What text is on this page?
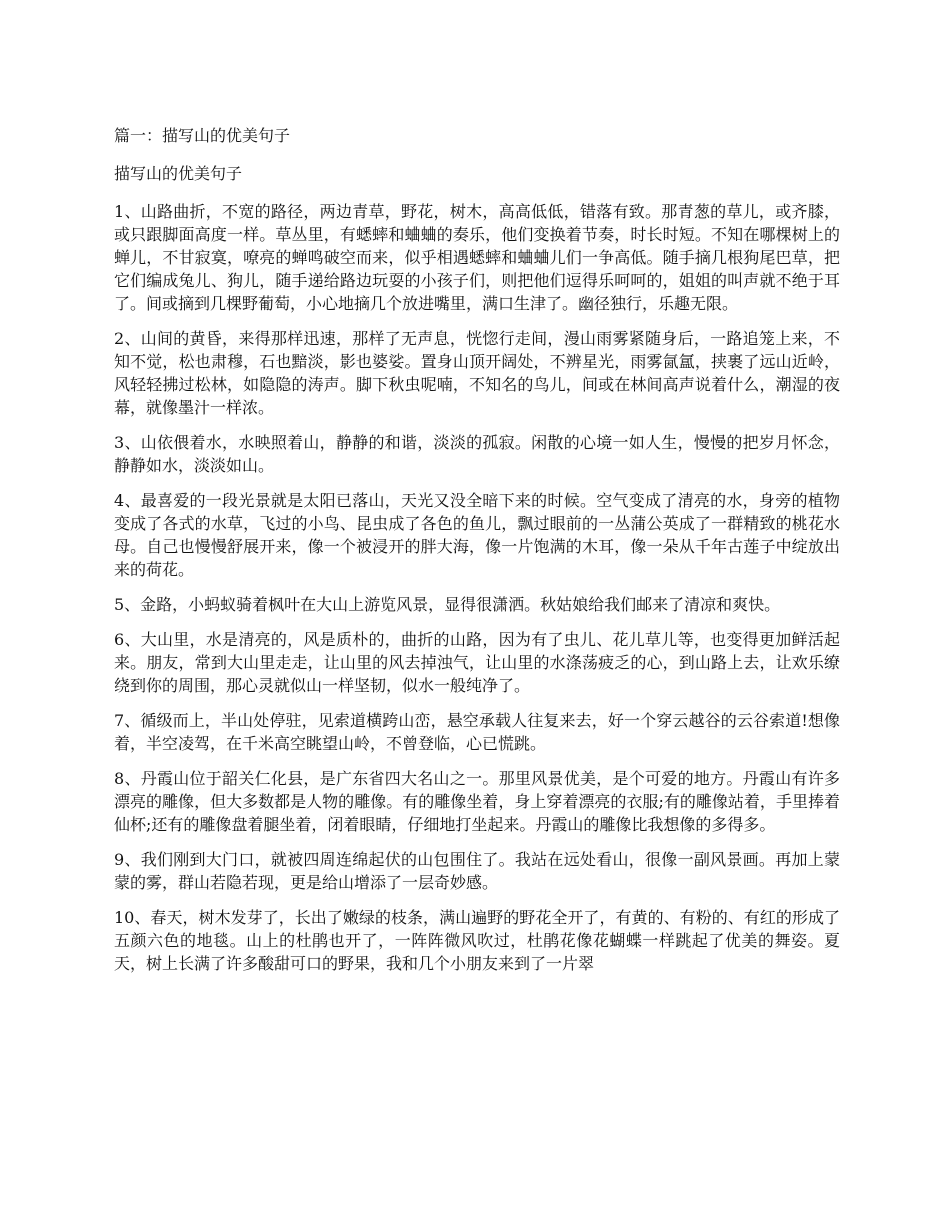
篇一：描写山的优美句子
描写山的优美句子

1、山路曲折，不宽的路径，两边青草，野花，树木，高高低低，错落有致。那青葱的草儿，或齐膝，或只跟脚面高度一样。草丛里，有蟋蟀和蛐蛐的奏乐，他们变换着节奏，时长时短。不知在哪棵树上的蝉儿，不甘寂寞，嘹亮的蝉鸣破空而来，似乎相遇蟋蟀和蛐蛐儿们一争高低。随手摘几根狗尾巴草，把它们编成兔儿、狗儿，随手递给路边玩耍的小孩子们，则把他们逗得乐呵呵的，姐姐的叫声就不绝于耳了。间或摘到几棵野葡萄，小心地摘几个放进嘴里，满口生津了。幽径独行，乐趣无限。

2、山间的黄昏，来得那样迅速，那样了无声息，恍惚行走间，漫山雨雾紧随身后，一路追笼上来，不知不觉，松也肃穆，石也黯淡，影也婆娑。置身山顶开阔处，不辨星光，雨雾氤氲，挟裹了远山近岭，风轻轻拂过松林，如隐隐的涛声。脚下秋虫呢喃，不知名的鸟儿，间或在林间高声说着什么，潮湿的夜幕，就像墨汁一样浓。

3、山依偎着水，水映照着山，静静的和谐，淡淡的孤寂。闲散的心境一如人生，慢慢的把岁月怀念，静静如水，淡淡如山。

4、最喜爱的一段光景就是太阳已落山，天光又没全暗下来的时候。空气变成了清亮的水，身旁的植物变成了各式的水草，飞过的小鸟、昆虫成了各色的鱼儿，飘过眼前的一丛蒲公英成了一群精致的桃花水母。自己也慢慢舒展开来，像一个被浸开的胖大海，像一片饱满的木耳，像一朵从千年古莲子中绽放出来的荷花。

5、金路，小蚂蚁骑着枫叶在大山上游览风景，显得很潇洒。秋姑娘给我们邮来了清凉和爽快。

6、大山里，水是清亮的，风是质朴的，曲折的山路，因为有了虫儿、花儿草儿等，也变得更加鲜活起来。朋友，常到大山里走走，让山里的风去掉浊气，让山里的水涤荡疲乏的心，到山路上去，让欢乐缭绕到你的周围，那心灵就似山一样坚韧，似水一般纯净了。

7、循级而上，半山处停驻，见索道横跨山峦，悬空承载人往复来去，好一个穿云越谷的云谷索道!想像着，半空凌驾，在千米高空眺望山岭，不曾登临，心已慌跳。

8、丹霞山位于韶关仁化县，是广东省四大名山之一。那里风景优美，是个可爱的地方。丹霞山有许多漂亮的雕像，但大多数都是人物的雕像。有的雕像坐着，身上穿着漂亮的衣服;有的雕像站着，手里捧着仙杯;还有的雕像盘着腿坐着，闭着眼睛，仔细地打坐起来。丹霞山的雕像比我想像的多得多。

9、我们刚到大门口，就被四周连绵起伏的山包围住了。我站在远处看山，很像一副风景画。再加上蒙蒙的雾，群山若隐若现，更是给山增添了一层奇妙感。

10、春天，树木发芽了，长出了嫩绿的枝条，满山遍野的野花全开了，有黄的、有粉的、有红的形成了五颜六色的地毯。山上的杜鹃也开了，一阵阵微风吹过，杜鹃花像花蝴蝶一样跳起了优美的舞姿。夏天，树上长满了许多酸甜可口的野果，我和几个小朋友来到了一片翠
